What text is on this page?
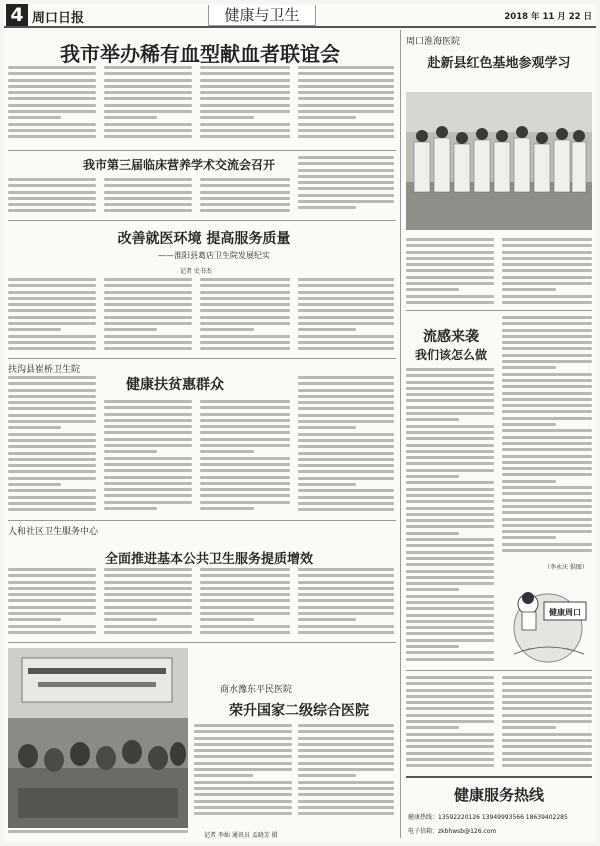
4 周口日报	健康与卫生	2018 年 11 月 22 日
我市举办稀有血型献血者联谊会
我市第三届临床营养学术交流会召开
改善就医环境 提高服务质量
——淮阳县葛店卫生院发展纪实
记者 史书杰
扶沟县崔桥卫生院
健康扶贫惠群众
人和社区卫生服务中心
全面推进基本公共卫生服务提质增效
商水豫东平民医院
荣升国家二级综合医院
记者 李灿 通讯员 孟晓芳 摄
周口淮海医院
赴新县红色基地参观学习
流感来袭
我们该怎么做
（李永庆 供图）
健康周口
健康服务热线
健康热线：13592220126 13949993566 18639402285
电子信箱：zkbhwsb@126.com
